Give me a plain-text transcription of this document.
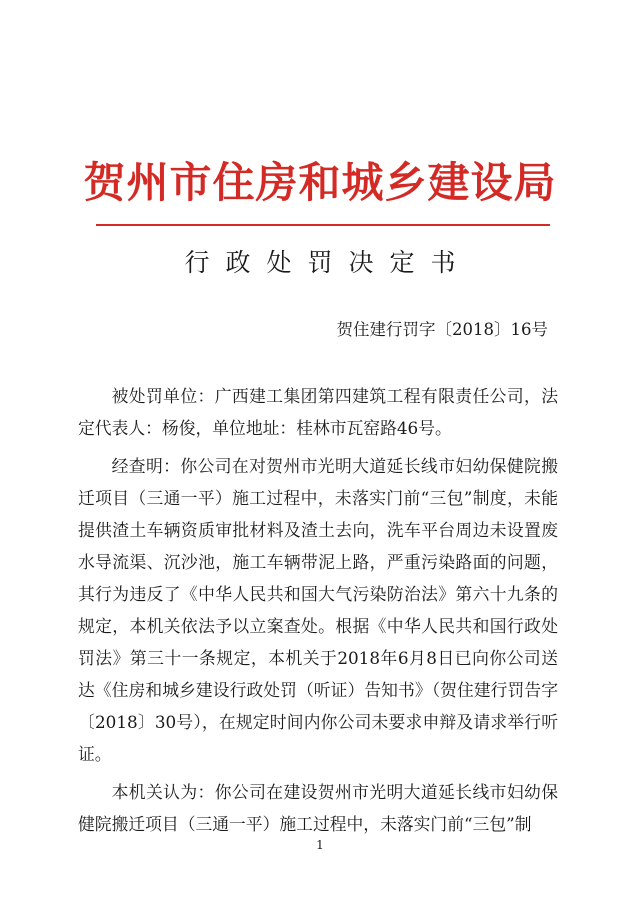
贺州市住房和城乡建设局
行政处罚决定书
贺住建行罚字〔2018〕16号

被处罚单位：广西建工集团第四建筑工程有限责任公司，法定代表人：杨俊，单位地址：桂林市瓦窑路46号。

经查明：你公司在对贺州市光明大道延长线市妇幼保健院搬迁项目（三通一平）施工过程中，未落实门前“三包”制度，未能提供渣土车辆资质审批材料及渣土去向，洗车平台周边未设置废水导流渠、沉沙池，施工车辆带泥上路，严重污染路面的问题，其行为违反了《中华人民共和国大气污染防治法》第六十九条的规定，本机关依法予以立案查处。根据《中华人民共和国行政处罚法》第三十一条规定，本机关于2018年6月8日已向你公司送达《住房和城乡建设行政处罚（听证）告知书》（贺住建行罚告字〔2018〕30号），在规定时间内你公司未要求申辩及请求举行听证。

本机关认为：你公司在建设贺州市光明大道延长线市妇幼保健院搬迁项目（三通一平）施工过程中，未落实门前“三包”制

1
